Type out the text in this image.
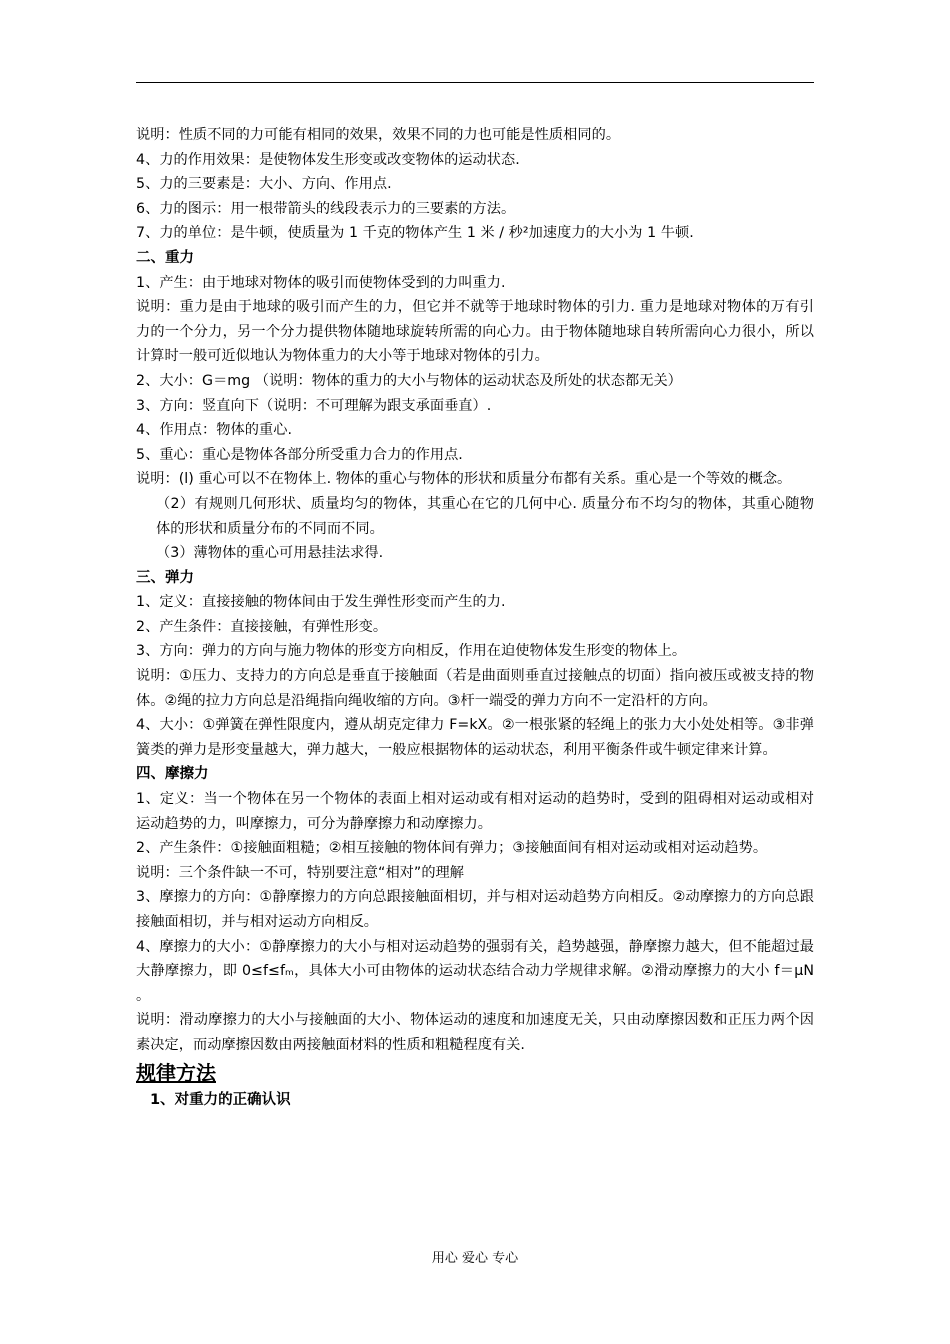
说明：性质不同的力可能有相同的效果，效果不同的力也可能是性质相同的。

4、力的作用效果：是使物体发生形变或改变物体的运动状态.

5、力的三要素是：大小、方向、作用点.

6、力的图示：用一根带箭头的线段表示力的三要素的方法。

7、力的单位：是牛顿，使质量为 1 千克的物体产生 1 米 / 秒²加速度力的大小为 1 牛顿.

二、重力

1、产生：由于地球对物体的吸引而使物体受到的力叫重力.

说明：重力是由于地球的吸引而产生的力，但它并不就等于地球时物体的引力. 重力是地球对物体的万有引力的一个分力，另一个分力提供物体随地球旋转所需的向心力。由于物体随地球自转所需向心力很小，所以计算时一般可近似地认为物体重力的大小等于地球对物体的引力。

2、大小：G＝mg （说明：物体的重力的大小与物体的运动状态及所处的状态都无关）

3、方向：竖直向下（说明：不可理解为跟支承面垂直）.

4、作用点：物体的重心.

5、重心：重心是物体各部分所受重力合力的作用点.

说明：(l) 重心可以不在物体上. 物体的重心与物体的形状和质量分布都有关系。重心是一个等效的概念。

（2）有规则几何形状、质量均匀的物体，其重心在它的几何中心. 质量分布不均匀的物体，其重心随物体的形状和质量分布的不同而不同。

（3）薄物体的重心可用悬挂法求得.

三、弹力

1、定义：直接接触的物体间由于发生弹性形变而产生的力.

2、产生条件：直接接触，有弹性形变。

3、方向：弹力的方向与施力物体的形变方向相反，作用在迫使物体发生形变的物体上。

说明：①压力、支持力的方向总是垂直于接触面（若是曲面则垂直过接触点的切面）指向被压或被支持的物体。②绳的拉力方向总是沿绳指向绳收缩的方向。③杆一端受的弹力方向不一定沿杆的方向。

4、大小：①弹簧在弹性限度内，遵从胡克定律力 F=kX。②一根张紧的轻绳上的张力大小处处相等。③非弹簧类的弹力是形变量越大，弹力越大，一般应根据物体的运动状态，利用平衡条件或牛顿定律来计算。

四、摩擦力

1、定义：当一个物体在另一个物体的表面上相对运动或有相对运动的趋势时，受到的阻碍相对运动或相对运动趋势的力，叫摩擦力，可分为静摩擦力和动摩擦力。

2、产生条件：①接触面粗糙；②相互接触的物体间有弹力；③接触面间有相对运动或相对运动趋势。

说明：三个条件缺一不可，特别要注意“相对”的理解

3、摩擦力的方向：①静摩擦力的方向总跟接触面相切，并与相对运动趋势方向相反。②动摩擦力的方向总跟接触面相切，并与相对运动方向相反。

4、摩擦力的大小：①静摩擦力的大小与相对运动趋势的强弱有关，趋势越强，静摩擦力越大，但不能超过最大静摩擦力，即 0≤f≤fₘ，具体大小可由物体的运动状态结合动力学规律求解。②滑动摩擦力的大小 f＝μN 。

说明：滑动摩擦力的大小与接触面的大小、物体运动的速度和加速度无关，只由动摩擦因数和正压力两个因素决定，而动摩擦因数由两接触面材料的性质和粗糙程度有关.

规律方法

1、对重力的正确认识

用心 爱心 专心
